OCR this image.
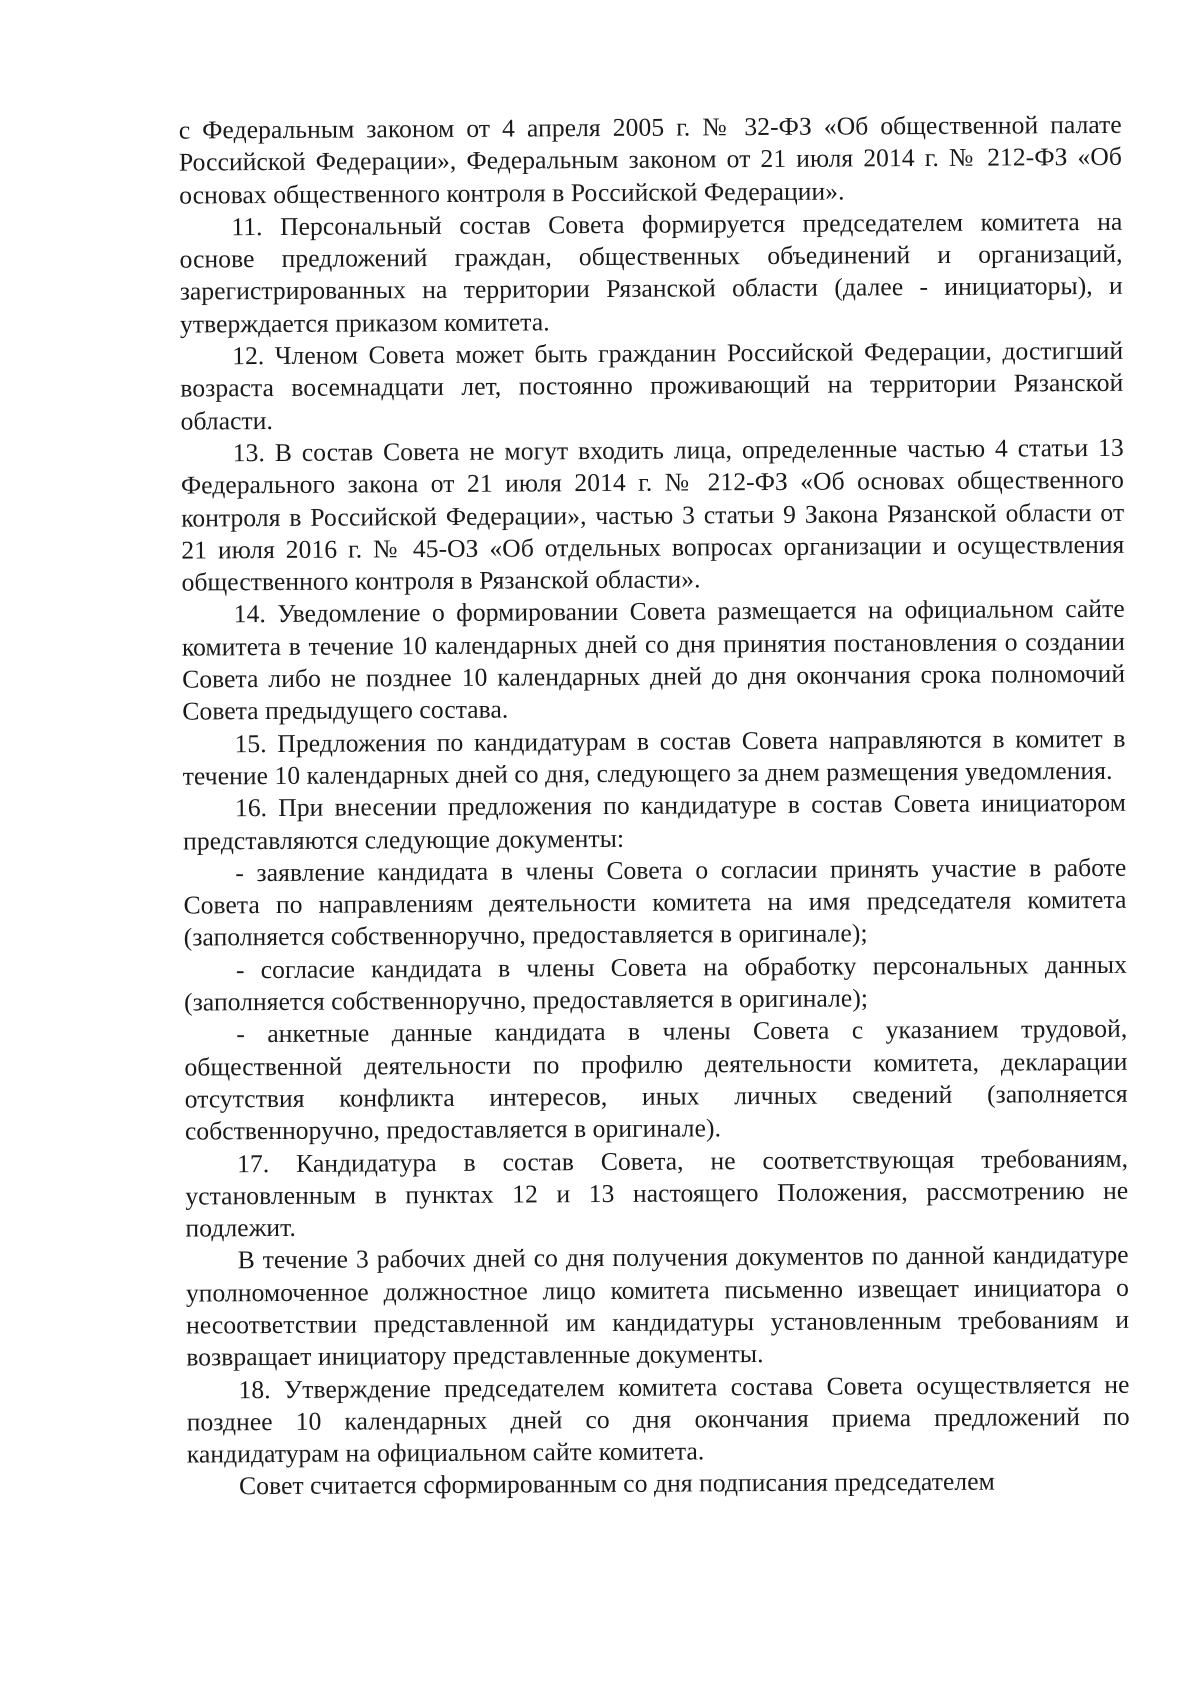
с Федеральным законом от 4 апреля 2005 г. № 32-ФЗ «Об общественной палате Российской Федерации», Федеральным законом от 21 июля 2014 г. № 212-ФЗ «Об основах общественного контроля в Российской Федерации».

11. Персональный состав Совета формируется председателем комитета на основе предложений граждан, общественных объединений и организаций, зарегистрированных на территории Рязанской области (далее - инициаторы), и утверждается приказом комитета.

12. Членом Совета может быть гражданин Российской Федерации, достигший возраста восемнадцати лет, постоянно проживающий на территории Рязанской области.

13. В состав Совета не могут входить лица, определенные частью 4 статьи 13 Федерального закона от 21 июля 2014 г. № 212-ФЗ «Об основах общественного контроля в Российской Федерации», частью 3 статьи 9 Закона Рязанской области от 21 июля 2016 г. № 45-ОЗ «Об отдельных вопросах организации и осуществления общественного контроля в Рязанской области».

14. Уведомление о формировании Совета размещается на официальном сайте комитета в течение 10 календарных дней со дня принятия постановления о создании Совета либо не позднее 10 календарных дней до дня окончания срока полномочий Совета предыдущего состава.

15. Предложения по кандидатурам в состав Совета направляются в комитет в течение 10 календарных дней со дня, следующего за днем размещения уведомления.

16. При внесении предложения по кандидатуре в состав Совета инициатором представляются следующие документы:

- заявление кандидата в члены Совета о согласии принять участие в работе Совета по направлениям деятельности комитета на имя председателя комитета (заполняется собственноручно, предоставляется в оригинале);

- согласие кандидата в члены Совета на обработку персональных данных (заполняется собственноручно, предоставляется в оригинале);

- анкетные данные кандидата в члены Совета с указанием трудовой, общественной деятельности по профилю деятельности комитета, декларации отсутствия конфликта интересов, иных личных сведений (заполняется собственноручно, предоставляется в оригинале).

17. Кандидатура в состав Совета, не соответствующая требованиям, установленным в пунктах 12 и 13 настоящего Положения, рассмотрению не подлежит.

В течение 3 рабочих дней со дня получения документов по данной кандидатуре уполномоченное должностное лицо комитета письменно извещает инициатора о несоответствии представленной им кандидатуры установленным требованиям и возвращает инициатору представленные документы.

18. Утверждение председателем комитета состава Совета осуществляется не позднее 10 календарных дней со дня окончания приема предложений по кандидатурам на официальном сайте комитета.

Совет считается сформированным со дня подписания председателем
